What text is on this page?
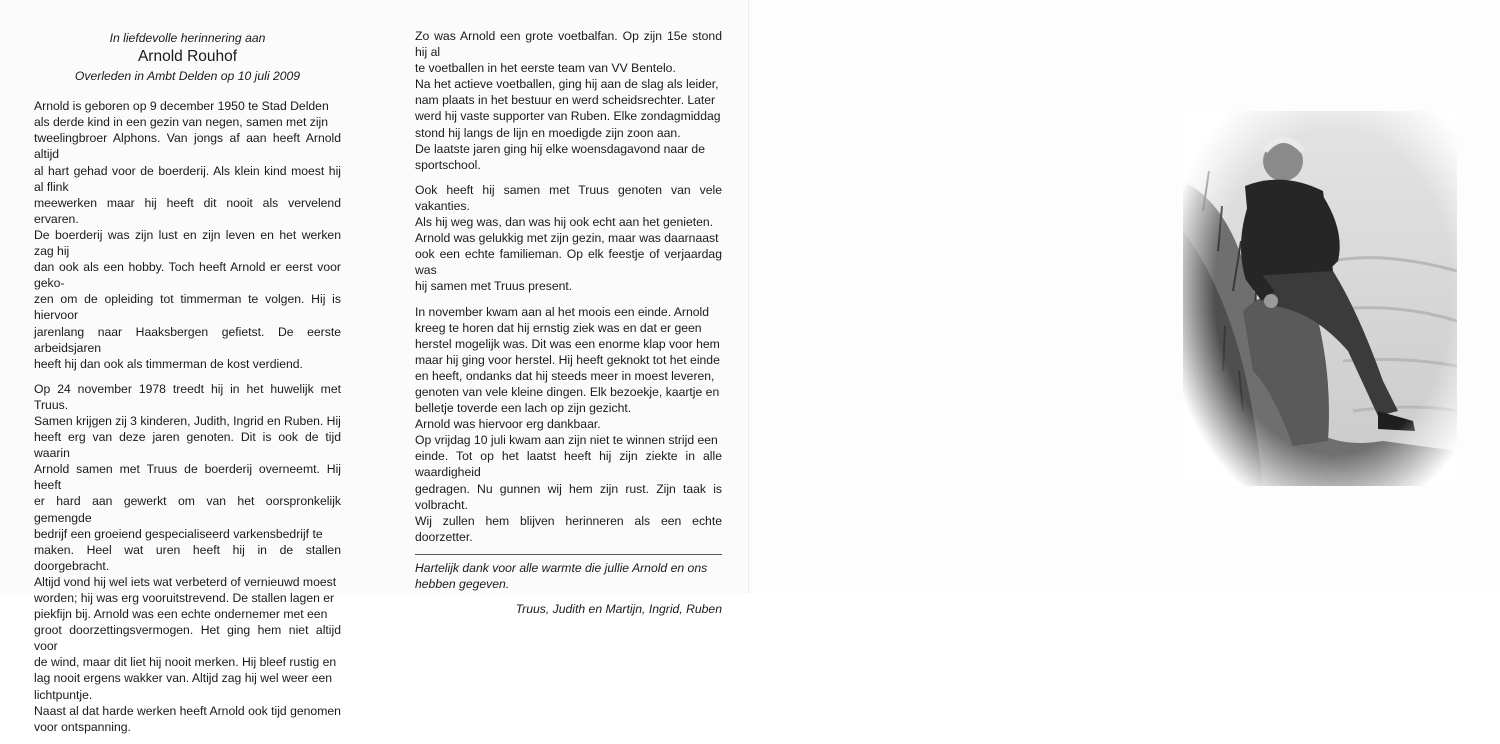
In liefdevolle herinnering aan
Arnold Rouhof
Overleden in Ambt Delden op 10 juli 2009

Arnold is geboren op 9 december 1950 te Stad Delden
als derde kind in een gezin van negen, samen met zijn
tweelingbroer Alphons. Van jongs af aan heeft Arnold altijd
al hart gehad voor de boerderij. Als klein kind moest hij al flink
meewerken maar hij heeft dit nooit als vervelend ervaren.
De boerderij was zijn lust en zijn leven en het werken zag hij
dan ook als een hobby. Toch heeft Arnold er eerst voor geko-
zen om de opleiding tot timmerman te volgen. Hij is hiervoor
jarenlang naar Haaksbergen gefietst. De eerste arbeidsjaren
heeft hij dan ook als timmerman de kost verdiend.

Op 24 november 1978 treedt hij in het huwelijk met Truus.
Samen krijgen zij 3 kinderen, Judith, Ingrid en Ruben. Hij
heeft erg van deze jaren genoten. Dit is ook de tijd waarin
Arnold samen met Truus de boerderij overneemt. Hij heeft
er hard aan gewerkt om van het oorspronkelijk gemengde
bedrijf een groeiend gespecialiseerd varkensbedrijf te
maken. Heel wat uren heeft hij in de stallen doorgebracht.
Altijd vond hij wel iets wat verbeterd of vernieuwd moest
worden; hij was erg vooruitstrevend. De stallen lagen er
piekfijn bij. Arnold was een echte ondernemer met een
groot doorzettingsvermogen. Het ging hem niet altijd voor
de wind, maar dit liet hij nooit merken. Hij bleef rustig en
lag nooit ergens wakker van. Altijd zag hij wel weer een
lichtpuntje.
Naast al dat harde werken heeft Arnold ook tijd genomen
voor ontspanning.

Zo was Arnold een grote voetbalfan. Op zijn 15e stond hij al
te voetballen in het eerste team van VV Bentelo.
Na het actieve voetballen, ging hij aan de slag als leider,
nam plaats in het bestuur en werd scheidsrechter. Later
werd hij vaste supporter van Ruben. Elke zondagmiddag
stond hij langs de lijn en moedigde zijn zoon aan.
De laatste jaren ging hij elke woensdagavond naar de
sportschool.

Ook heeft hij samen met Truus genoten van vele vakanties.
Als hij weg was, dan was hij ook echt aan het genieten.
Arnold was gelukkig met zijn gezin, maar was daarnaast
ook een echte familieman. Op elk feestje of verjaardag was
hij samen met Truus present.

In november kwam aan al het moois een einde. Arnold
kreeg te horen dat hij ernstig ziek was en dat er geen
herstel mogelijk was. Dit was een enorme klap voor hem
maar hij ging voor herstel. Hij heeft geknokt tot het einde
en heeft, ondanks dat hij steeds meer in moest leveren,
genoten van vele kleine dingen. Elk bezoekje, kaartje en
belletje toverde een lach op zijn gezicht.
Arnold was hiervoor erg dankbaar.
Op vrijdag 10 juli kwam aan zijn niet te winnen strijd een
einde. Tot op het laatst heeft hij zijn ziekte in alle waardigheid
gedragen. Nu gunnen wij hem zijn rust. Zijn taak is volbracht.
Wij zullen hem blijven herinneren als een echte doorzetter.

Hartelijk dank voor alle warmte die jullie Arnold en ons
hebben gegeven.

Truus, Judith en Martijn, Ingrid, Ruben
